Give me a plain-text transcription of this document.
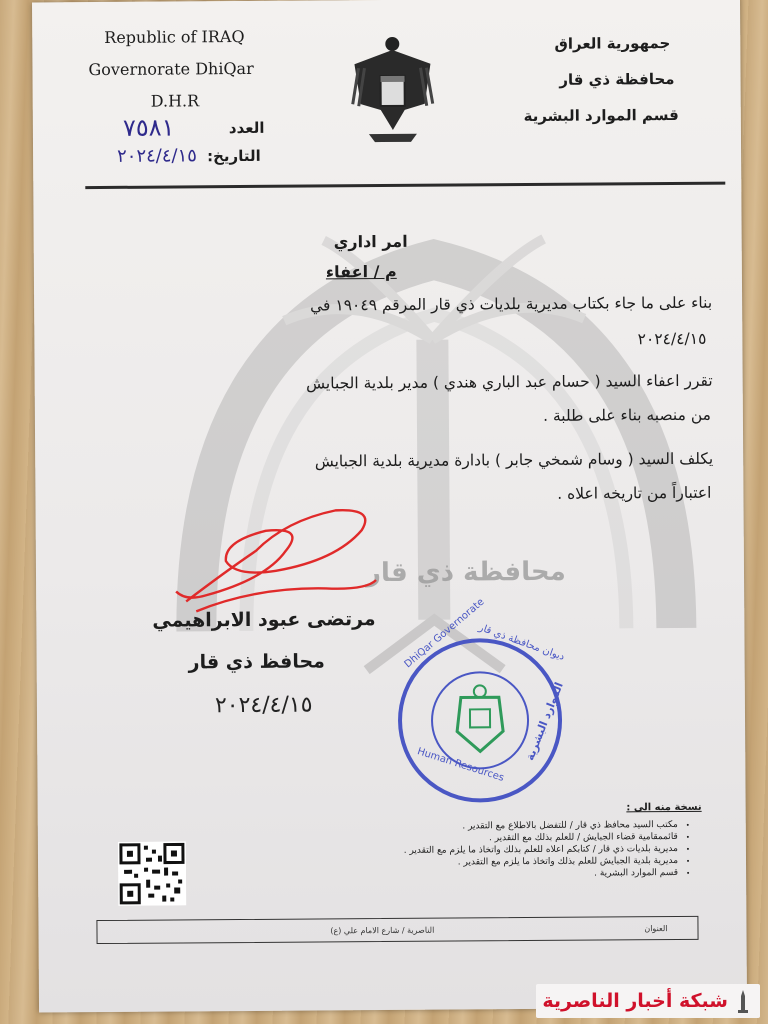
محافظة ذي قار
Republic of IRAQ
Governorate DhiQar
D.H.R
جمهورية العراق
محافظة ذي قار
قسم الموارد البشرية
العدد
٧٥٨١
التاريخ:
٢٠٢٤/٤/١٥
امر اداري
م / اعفاء
بناء على ما جاء بكتاب مديرية بلديات ذي قار المرقم ١٩٠٤٩ في
٢٠٢٤/٤/١٥
تقرر اعفاء السيد ( حسام عبد الباري هندي ) مدير بلدية الجبايش
من منصبه بناء على طلبة .
يكلف السيد ( وسام شمخي جابر ) بادارة مديرية بلدية الجبايش
اعتباراً من تاريخه اعلاه .
مرتضى عبود الابراهيمي
محافظ ذي قار
٢٠٢٤/٤/١٥
DhiQar Governorate
ديوان محافظة ذي قار
Human Resources
الموارد البشرية
نسخة منه الى :
• مكتب السيد محافظ ذي قار / للتفضل بالاطلاع مع التقدير .
• قائممقامية قضاء الجبايش / للعلم بذلك مع التقدير .
• مديرية بلديات ذي قار / كتابكم اعلاه للعلم بذلك واتخاذ ما يلزم مع التقدير .
• مديرية بلدية الجبايش للعلم بذلك واتخاذ ما يلزم مع التقدير .
• قسم الموارد البشرية .
العنوان
الناصرية / شارع الامام علي (ع)
شبكة أخبار الناصرية
